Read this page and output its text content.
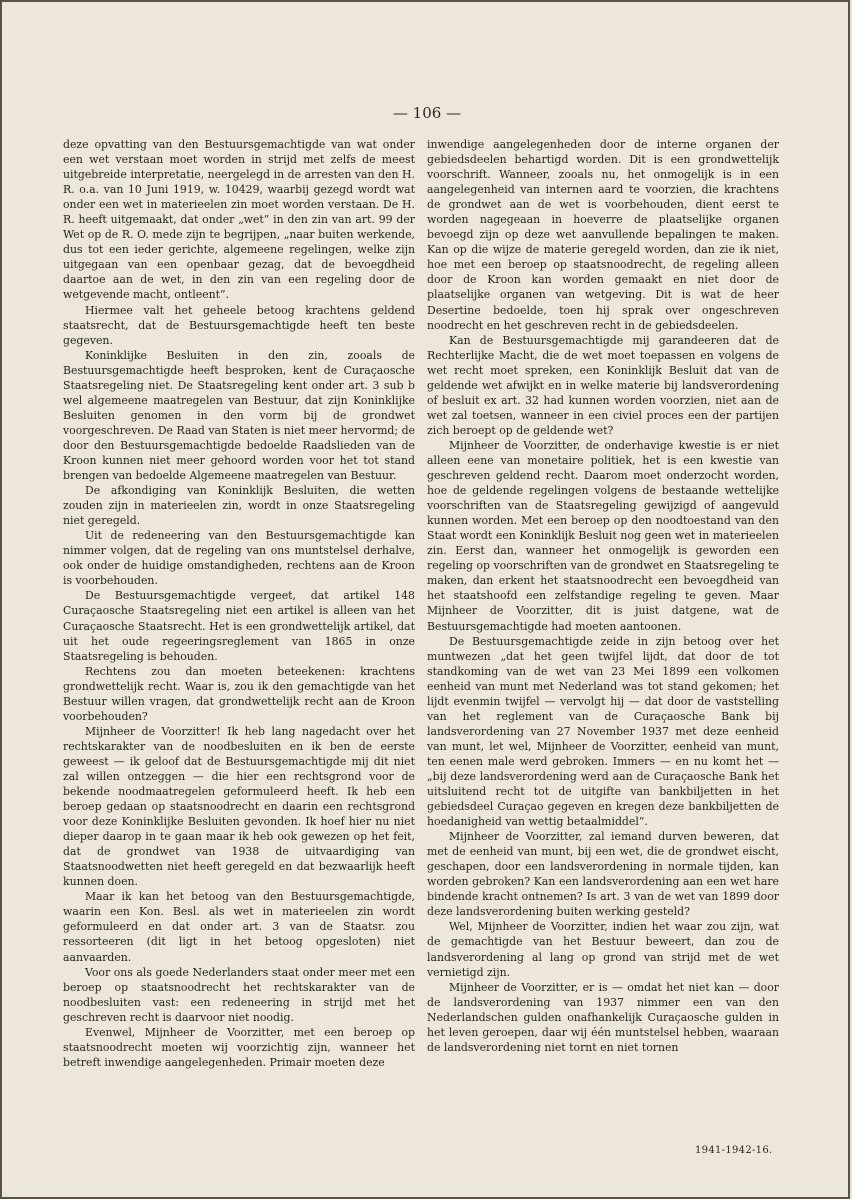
— 106 —

deze opvatting van den Bestuursgemachtigde van wat onder een wet verstaan moet worden in strijd met zelfs de meest uitgebreide interpretatie, neergelegd in de arresten van den H. R. o.a. van 10 Juni 1919, w. 10429, waarbij gezegd wordt wat onder een wet in materieelen zin moet worden verstaan. De H. R. heeft uitgemaakt, dat onder „wet” in den zin van art. 99 der Wet op de R. O. mede zijn te begrijpen, „naar buiten werkende, dus tot een ieder gerichte, algemeene regelingen, welke zijn uitgegaan van een openbaar gezag, dat de bevoegdheid daartoe aan de wet, in den zin van een regeling door de wetgevende macht, ontleent”.

Hiermee valt het geheele betoog krachtens geldend staatsrecht, dat de Bestuursgemachtigde heeft ten beste gegeven.

Koninklijke Besluiten in den zin, zooals de Bestuursgemachtigde heeft besproken, kent de Curaçaosche Staatsregeling niet. De Staatsregeling kent onder art. 3 sub b wel algemeene maatregelen van Bestuur, dat zijn Koninklijke Besluiten genomen in den vorm bij de grondwet voorgeschreven. De Raad van Staten is niet meer hervormd; de door den Bestuursgemachtigde bedoelde Raadslieden van de Kroon kunnen niet meer gehoord worden voor het tot stand brengen van bedoelde Algemeene maatregelen van Bestuur.

De afkondiging van Koninklijk Besluiten, die wetten zouden zijn in materieelen zin, wordt in onze Staatsregeling niet geregeld.

Uit de redeneering van den Bestuursgemachtigde kan nimmer volgen, dat de regeling van ons muntstelsel derhalve, ook onder de huidige omstandigheden, rechtens aan de Kroon is voorbehouden.

De Bestuursgemachtigde vergeet, dat artikel 148 Curaçaosche Staatsregeling niet een artikel is alleen van het Curaçaosche Staatsrecht. Het is een grondwettelijk artikel, dat uit het oude regeeringsreglement van 1865 in onze Staatsregeling is behouden.

Rechtens zou dan moeten beteekenen: krachtens grondwettelijk recht. Waar is, zou ik den gemachtigde van het Bestuur willen vragen, dat grondwettelijk recht aan de Kroon voorbehouden?

Mijnheer de Voorzitter! Ik heb lang nagedacht over het rechtskarakter van de noodbesluiten en ik ben de eerste geweest — ik geloof dat de Bestuursgemachtigde mij dit niet zal willen ontzeggen — die hier een rechtsgrond voor de bekende noodmaatregelen geformuleerd heeft. Ik heb een beroep gedaan op staatsnoodrecht en daarin een rechtsgrond voor deze Koninklijke Besluiten gevonden. Ik hoef hier nu niet dieper daarop in te gaan maar ik heb ook gewezen op het feit, dat de grondwet van 1938 de uitvaardiging van Staatsnoodwetten niet heeft geregeld en dat bezwaarlijk heeft kunnen doen.

Maar ik kan het betoog van den Bestuursgemachtigde, waarin een Kon. Besl. als wet in materieelen zin wordt geformuleerd en dat onder art. 3 van de Staatsr. zou ressorteeren (dit ligt in het betoog opgesloten) niet aanvaarden.

Voor ons als goede Nederlanders staat onder meer met een beroep op staatsnoodrecht het rechtskarakter van de noodbesluiten vast: een redeneering in strijd met het geschreven recht is daarvoor niet noodig.

Evenwel, Mijnheer de Voorzitter, met een beroep op staatsnoodrecht moeten wij voorzichtig zijn, wanneer het betreft inwendige aangelegenheden. Primair moeten deze

inwendige aangelegenheden door de interne organen der gebiedsdeelen behartigd worden. Dit is een grondwettelijk voorschrift. Wanneer, zooals nu, het onmogelijk is in een aangelegenheid van internen aard te voorzien, die krachtens de grondwet aan de wet is voorbehouden, dient eerst te worden nagegeaan in hoeverre de plaatselijke organen bevoegd zijn op deze wet aanvullende bepalingen te maken. Kan op die wijze de materie geregeld worden, dan zie ik niet, hoe met een beroep op staatsnoodrecht, de regeling alleen door de Kroon kan worden gemaakt en niet door de plaatselijke organen van wetgeving. Dit is wat de heer Desertine bedoelde, toen hij sprak over ongeschreven noodrecht en het geschreven recht in de gebiedsdeelen.

Kan de Bestuursgemachtigde mij garandeeren dat de Rechterlijke Macht, die de wet moet toepassen en volgens de wet recht moet spreken, een Koninklijk Besluit dat van de geldende wet afwijkt en in welke materie bij landsverordening of besluit ex art. 32 had kunnen worden voorzien, niet aan de wet zal toetsen, wanneer in een civiel proces een der partijen zich beroept op de geldende wet?

Mijnheer de Voorzitter, de onderhavige kwestie is er niet alleen eene van monetaire politiek, het is een kwestie van geschreven geldend recht. Daarom moet onderzocht worden, hoe de geldende regelingen volgens de bestaande wettelijke voorschriften van de Staatsregeling gewijzigd of aangevuld kunnen worden. Met een beroep op den noodtoestand van den Staat wordt een Koninklijk Besluit nog geen wet in materieelen zin. Eerst dan, wanneer het onmogelijk is geworden een regeling op voorschriften van de grondwet en Staatsregeling te maken, dan erkent het staatsnoodrecht een bevoegdheid van het staatshoofd een zelfstandige regeling te geven. Maar Mijnheer de Voorzitter, dit is juist datgene, wat de Bestuursgemachtigde had moeten aantoonen.

De Bestuursgemachtigde zeide in zijn betoog over het muntwezen „dat het geen twijfel lijdt, dat door de tot standkoming van de wet van 23 Mei 1899 een volkomen eenheid van munt met Nederland was tot stand gekomen; het lijdt evenmin twijfel — vervolgt hij — dat door de vaststelling van het reglement van de Curaçaosche Bank bij landsverordening van 27 November 1937 met deze eenheid van munt, let wel, Mijnheer de Voorzitter, eenheid van munt, ten eenen male werd gebroken. Immers — en nu komt het — „bij deze landsverordening werd aan de Curaçaosche Bank het uitsluitend recht tot de uitgifte van bankbiljetten in het gebiedsdeel Curaçao gegeven en kregen deze bankbiljetten de hoedanigheid van wettig betaalmiddel”.

Mijnheer de Voorzitter, zal iemand durven beweren, dat met de eenheid van munt, bij een wet, die de grondwet eischt, geschapen, door een landsverordening in normale tijden, kan worden gebroken? Kan een landsverordening aan een wet hare bindende kracht ontnemen? Is art. 3 van de wet van 1899 door deze landsverordening buiten werking gesteld?

Wel, Mijnheer de Voorzitter, indien het waar zou zijn, wat de gemachtigde van het Bestuur beweert, dan zou de landsverordening al lang op grond van strijd met de wet vernietigd zijn.

Mijnheer de Voorzitter, er is — omdat het niet kan — door de landsverordening van 1937 nimmer een van den Nederlandschen gulden onafhankelijk Curaçaosche gulden in het leven geroepen, daar wij één muntstelsel hebben, waaraan de landsverordening niet tornt en niet tornen

1941-1942-16.
